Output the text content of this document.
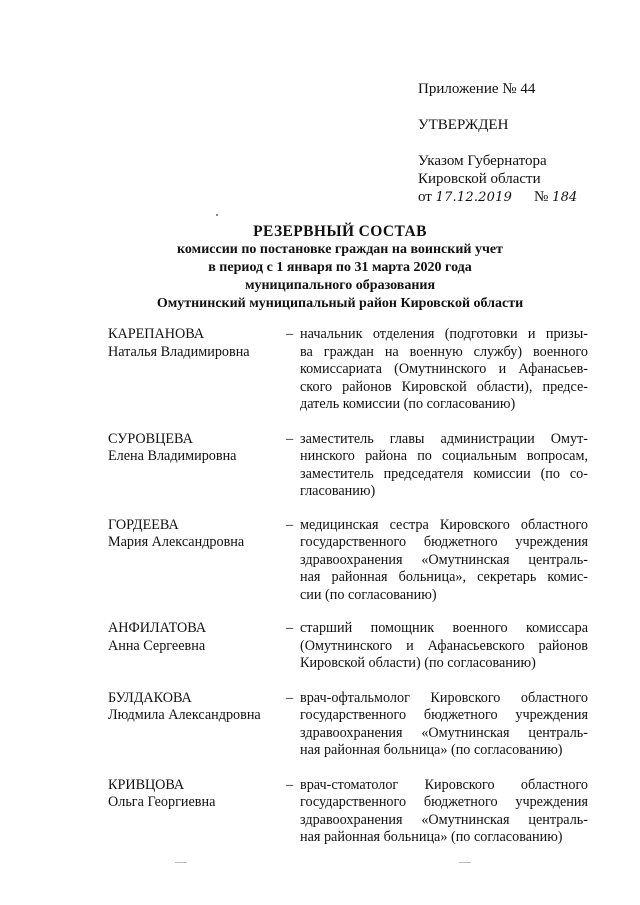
Приложение № 44

УТВЕРЖДЕН

Указом Губернатора

Кировской области

от 17.12.2019 № 184

РЕЗЕРВНЫЙ СОСТАВ
комиссии по постановке граждан на воинский учет
в период с 1 января по 31 марта 2020 года
муниципального образования
Омутнинский муниципальный район Кировской области
КАРЕПАНОВА
Наталья Владимировна
– начальник отделения (подготовки и призы-

ва граждан на военную службу) военного

комиссариата (Омутнинского и Афанасьев-

ского районов Кировской области), предсе-

датель комиссии (по согласованию)

СУРОВЦЕВА
Елена Владимировна
– заместитель главы администрации Омут-

нинского района по социальным вопросам,

заместитель председателя комиссии (по со-

гласованию)

ГОРДЕЕВА
Мария Александровна
– медицинская сестра Кировского областного

государственного бюджетного учреждения

здравоохранения «Омутнинская централь-

ная районная больница», секретарь комис-

сии (по согласованию)

АНФИЛАТОВА
Анна Сергеевна
– старший помощник военного комиссара

(Омутнинского и Афанасьевского районов

Кировской области) (по согласованию)

БУЛДАКОВА
Людмила Александровна
– врач-офтальмолог Кировского областного

государственного бюджетного учреждения

здравоохранения «Омутнинская централь-

ная районная больница» (по согласованию)

КРИВЦОВА
Ольга Георгиевна
– врач-стоматолог Кировского областного

государственного бюджетного учреждения

здравоохранения «Омутнинская централь-

ная районная больница» (по согласованию)
